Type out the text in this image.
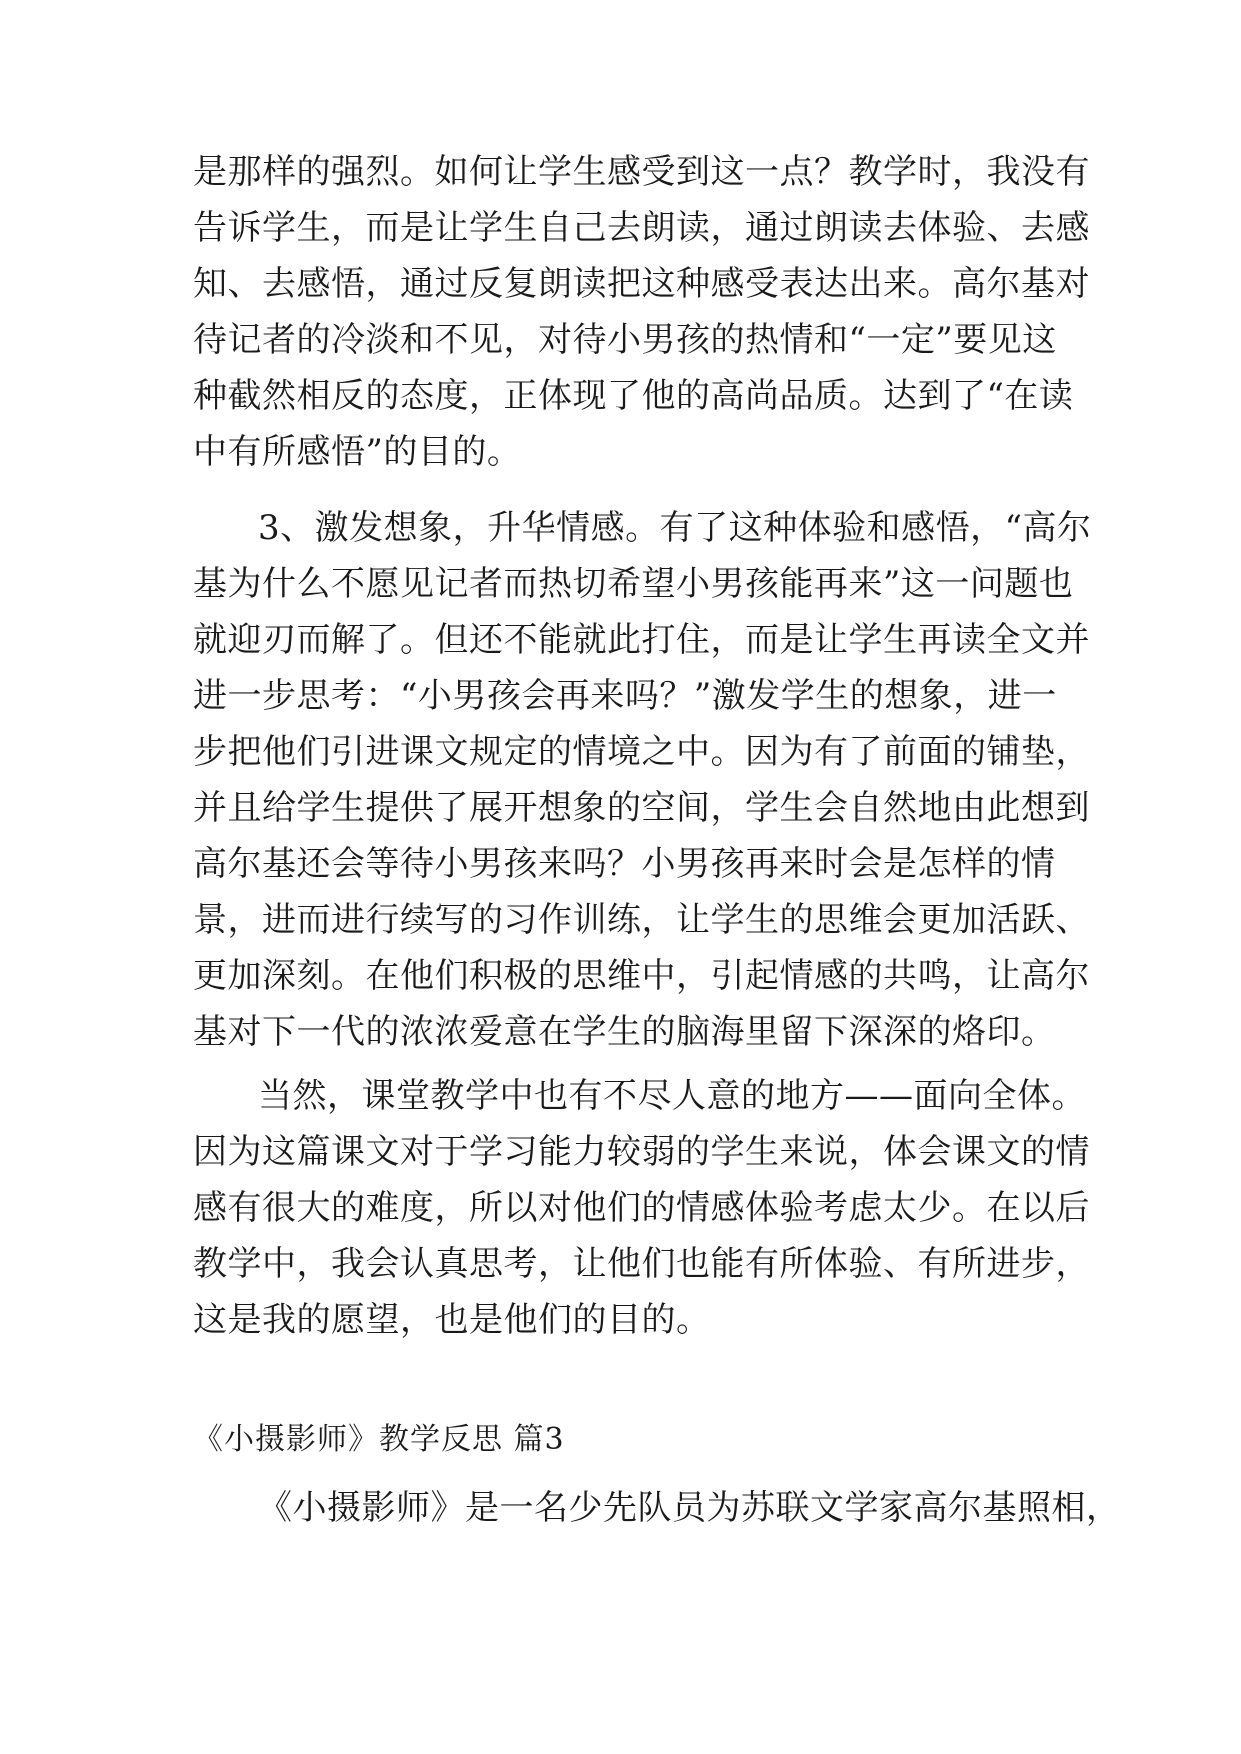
是那样的强烈。如何让学生感受到这一点？教学时，我没有
告诉学生，而是让学生自己去朗读，通过朗读去体验、去感
知、去感悟，通过反复朗读把这种感受表达出来。高尔基对
待记者的冷淡和不见，对待小男孩的热情和“一定”要见这
种截然相反的态度，正体现了他的高尚品质。达到了“在读
中有所感悟”的目的。
3、激发想象，升华情感。有了这种体验和感悟，“高尔
基为什么不愿见记者而热切希望小男孩能再来”这一问题也
就迎刃而解了。但还不能就此打住，而是让学生再读全文并
进一步思考：“小男孩会再来吗？”激发学生的想象，进一
步把他们引进课文规定的情境之中。因为有了前面的铺垫，
并且给学生提供了展开想象的空间，学生会自然地由此想到
高尔基还会等待小男孩来吗？小男孩再来时会是怎样的情
景，进而进行续写的习作训练，让学生的思维会更加活跃、
更加深刻。在他们积极的思维中，引起情感的共鸣，让高尔
基对下一代的浓浓爱意在学生的脑海里留下深深的烙印。
当然，课堂教学中也有不尽人意的地方——面向全体。
因为这篇课文对于学习能力较弱的学生来说，体会课文的情
感有很大的难度，所以对他们的情感体验考虑太少。在以后
教学中，我会认真思考，让他们也能有所体验、有所进步，
这是我的愿望，也是他们的目的。
《小摄影师》教学反思 篇3
《小摄影师》是一名少先队员为苏联文学家高尔基照相，
